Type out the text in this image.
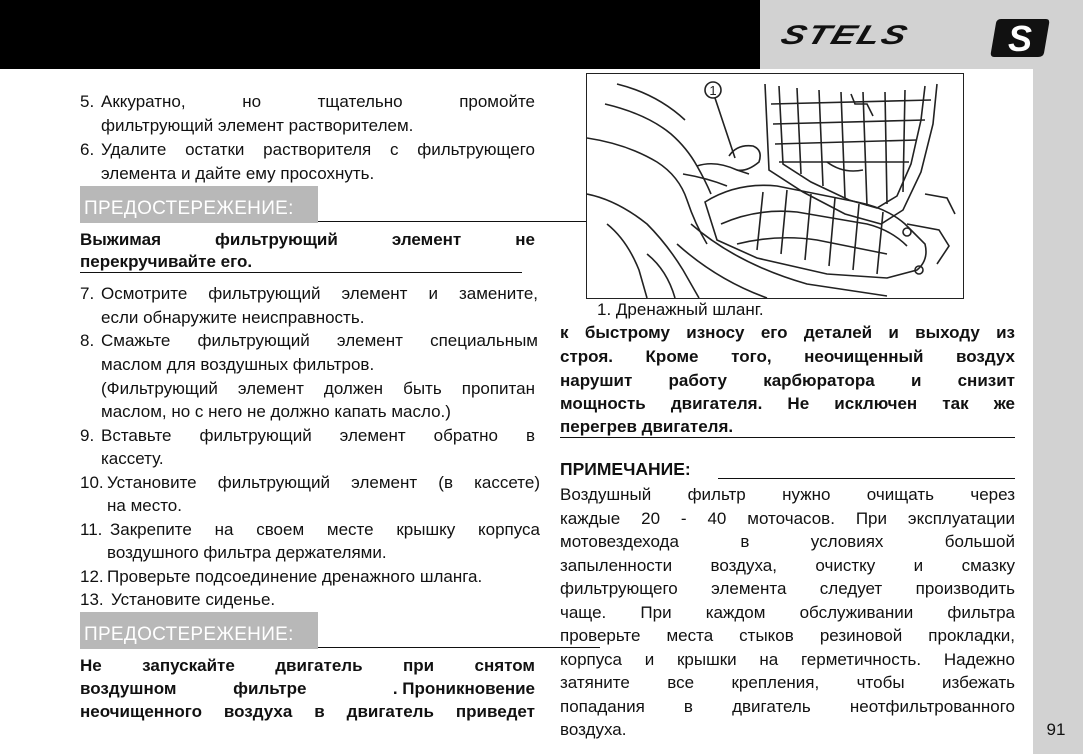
STELS	S
91
5. Аккуратно, но тщательно промойте
фильтрующий элемент растворителем.
6. Удалите остатки растворителя с фильтрующего
элемента и дайте ему просохнуть.
ПРЕДОСТЕРЕЖЕНИЕ:
Выжимая фильтрующий элемент не
перекручивайте его.
7. Осмотрите фильтрующий элемент и замените,
если обнаружите неисправность.
8. Смажьте фильтрующий элемент специальным
маслом для воздушных фильтров.
(Фильтрующий элемент должен быть пропитан
маслом, но с него не должно капать масло.)
9. Вставьте фильтрующий элемент обратно в
кассету.
10. Установите фильтрующий элемент (в кассете)
на место.
11. Закрепите на своем месте крышку корпуса
воздушного фильтра держателями.
12. Проверьте подсоединение дренажного шланга.
13. Установите сиденье.
ПРЕДОСТЕРЕЖЕНИЕ:
Не запускайте двигатель при снятом
воздушном фильтре	. Проникновение
неочищенного воздуха в двигатель приведет
1
1. Дренажный шланг.
к быстрому износу его деталей и выходу из
строя. Кроме того, неочищенный воздух
нарушит работу карбюратора и снизит
мощность двигателя. Не исключен так же
перегрев двигателя.
ПРИМЕЧАНИЕ:
Воздушный фильтр нужно очищать через
каждые 20 - 40 моточасов. При эксплуатации
мотовездехода в условиях большой
запыленности воздуха, очистку и смазку
фильтрующего элемента следует производить
чаще. При каждом обслуживании фильтра
проверьте места стыков резиновой прокладки,
корпуса и крышки на герметичность. Надежно
затяните все крепления, чтобы избежать
попадания в двигатель неотфильтрованного
воздуха.
